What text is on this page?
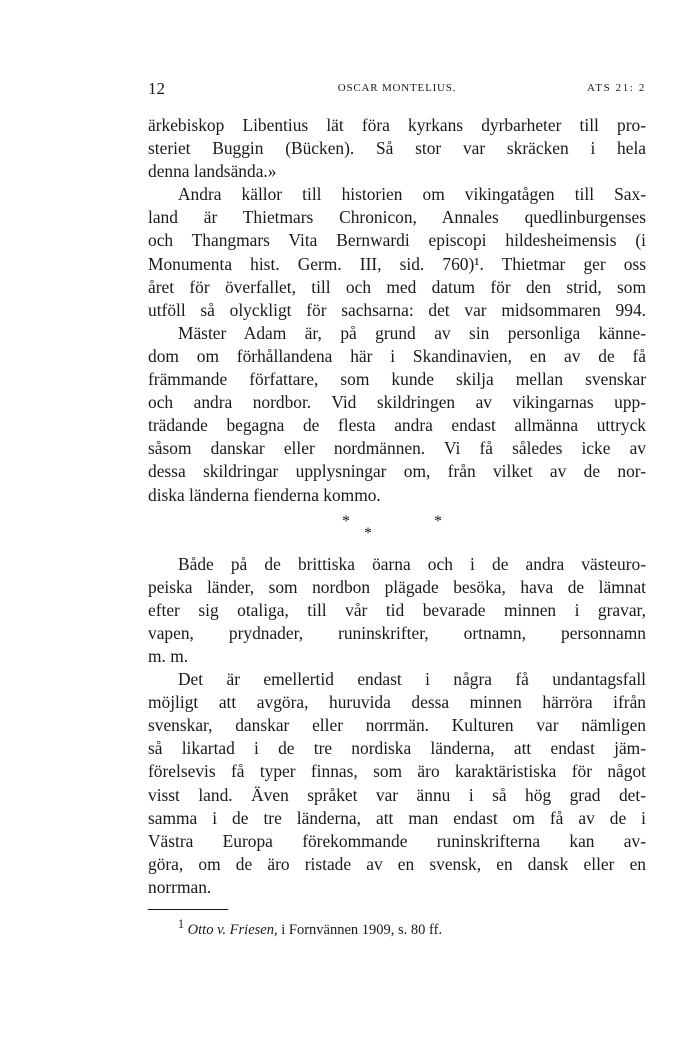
12	OSCAR MONTELIUS.	ATS 21: 2
ärkebiskop Libentius lät föra kyrkans dyrbarheter till pro-
steriet Buggin (Bücken). Så stor var skräcken i hela
denna landsända.»
Andra källor till historien om vikingatågen till Sax-
land är Thietmars Chronicon, Annales quedlinburgenses
och Thangmars Vita Bernwardi episcopi hildesheimensis (i
Monumenta hist. Germ. III, sid. 760)¹. Thietmar ger oss
året för överfallet, till och med datum för den strid, som
utföll så olyckligt för sachsarna: det var midsommaren 994.
Mäster Adam är, på grund av sin personliga känne-
dom om förhållandena här i Skandinavien, en av de få
främmande författare, som kunde skilja mellan svenskar
och andra nordbor. Vid skildringen av vikingarnas upp-
trädande begagna de flesta andra endast allmänna uttryck
såsom danskar eller nordmännen. Vi få således icke av
dessa skildringar upplysningar om, från vilket av de nor-
diska länderna fienderna kommo.
*
*
*
Både på de brittiska öarna och i de andra västeuro-
peiska länder, som nordbon plägade besöka, hava de lämnat
efter sig otaliga, till vår tid bevarade minnen i gravar,
vapen, prydnader, runinskrifter, ortnamn, personnamn
m. m.
Det är emellertid endast i några få undantagsfall
möjligt att avgöra, huruvida dessa minnen härröra ifrån
svenskar, danskar eller norrmän. Kulturen var nämligen
så likartad i de tre nordiska länderna, att endast jäm-
förelsevis få typer finnas, som äro karaktäristiska för något
visst land. Även språket var ännu i så hög grad det-
samma i de tre länderna, att man endast om få av de i
Västra Europa förekommande runinskrifterna kan av-
göra, om de äro ristade av en svensk, en dansk eller en
norrman.
$^1$ Otto v. Friesen, i Fornvännen 1909, s. 80 ff.
